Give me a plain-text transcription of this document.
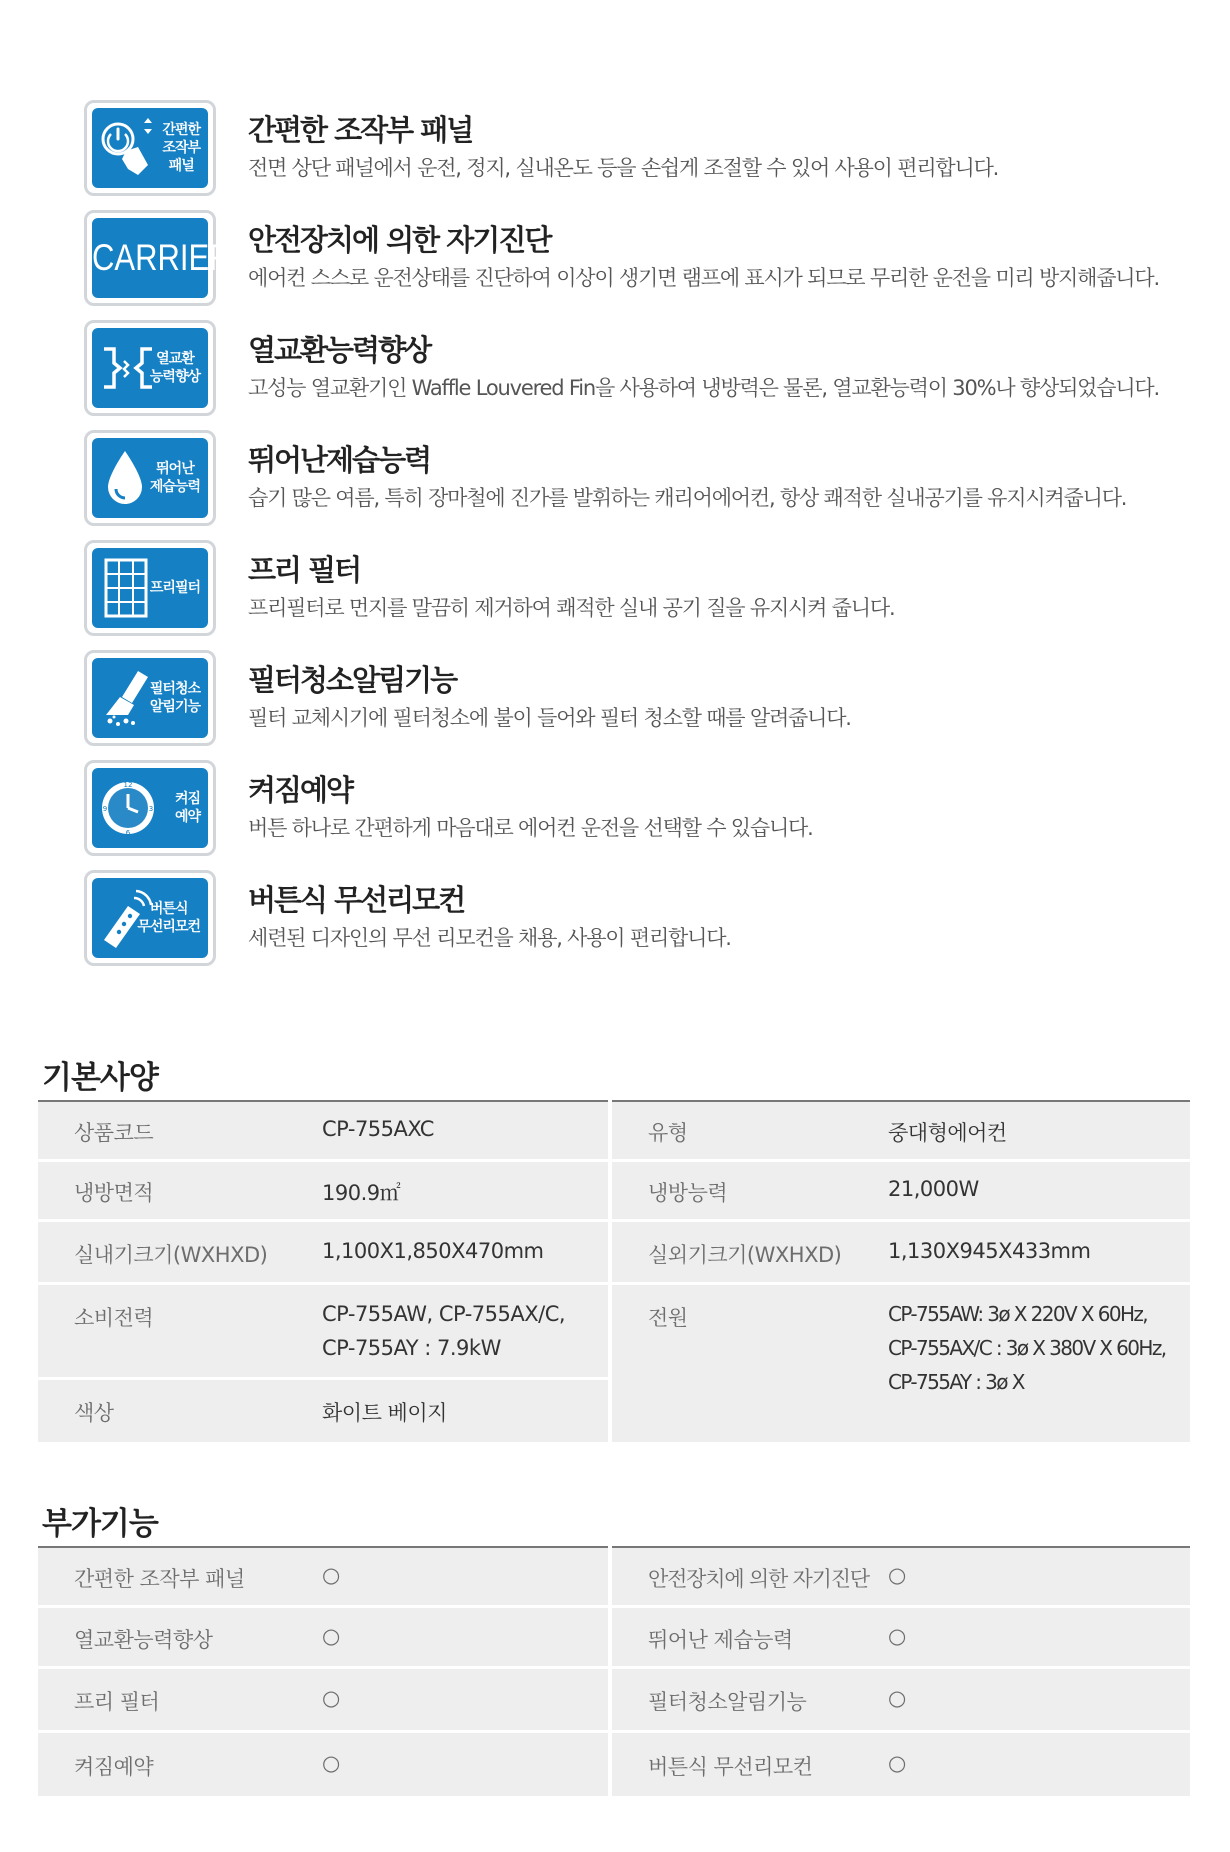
간편한
조작부
패널
간편한 조작부 패널
전면 상단 패널에서 운전, 정지, 실내온도 등을 손쉽게 조절할 수 있어 사용이 편리합니다.
CARRIER 안전장치에 의한 자기진단
에어컨 스스로 운전상태를 진단하여 이상이 생기면 램프에 표시가 되므로 무리한 운전을 미리 방지해줍니다.
열교환
능력향상
열교환능력향상
고성능 열교환기인 Waffle Louvered Fin을 사용하여 냉방력은 물론, 열교환능력이 30%나 향상되었습니다.
뛰어난
제습능력
뛰어난제습능력
습기 많은 여름, 특히 장마철에 진가를 발휘하는 캐리어에어컨, 항상 쾌적한 실내공기를 유지시켜줍니다.
프리필터
프리 필터
프리필터로 먼지를 말끔히 제거하여 쾌적한 실내 공기 질을 유지시켜 줍니다.
필터청소
알림기능
필터청소알림기능
필터 교체시기에 필터청소에 불이 들어와 필터 청소할 때를 알려줍니다.
12
3
6
9
켜짐
예약
켜짐예약
버튼 하나로 간편하게 마음대로 에어컨 운전을 선택할 수 있습니다.
버튼식
무선리모컨
버튼식 무선리모컨
세련된 디자인의 무선 리모컨을 채용, 사용이 편리합니다.
기본사양
상품코드	CP-755AXC	유형	중대형에어컨
냉방면적	190.9㎡	냉방능력	21,000W
실내기크기(WXHXD)	1,100X1,850X470mm	실외기크기(WXHXD) 1,130X945X433mm
소비전력	CP-755AW, CP-755AX/C,
CP-755AY : 7.9kW
전원	CP-755AW: 3ø X 220V X 60Hz,
CP-755AX/C : 3ø X 380V X 60Hz,
CP-755AY : 3ø X
색상	화이트 베이지
부가기능
간편한 조작부 패널	○	안전장치에 의한 자기진단 ○
열교환능력향상	○	뛰어난 제습능력	○
프리 필터	○	필터청소알림기능	○
켜짐예약	○	버튼식 무선리모컨	○
